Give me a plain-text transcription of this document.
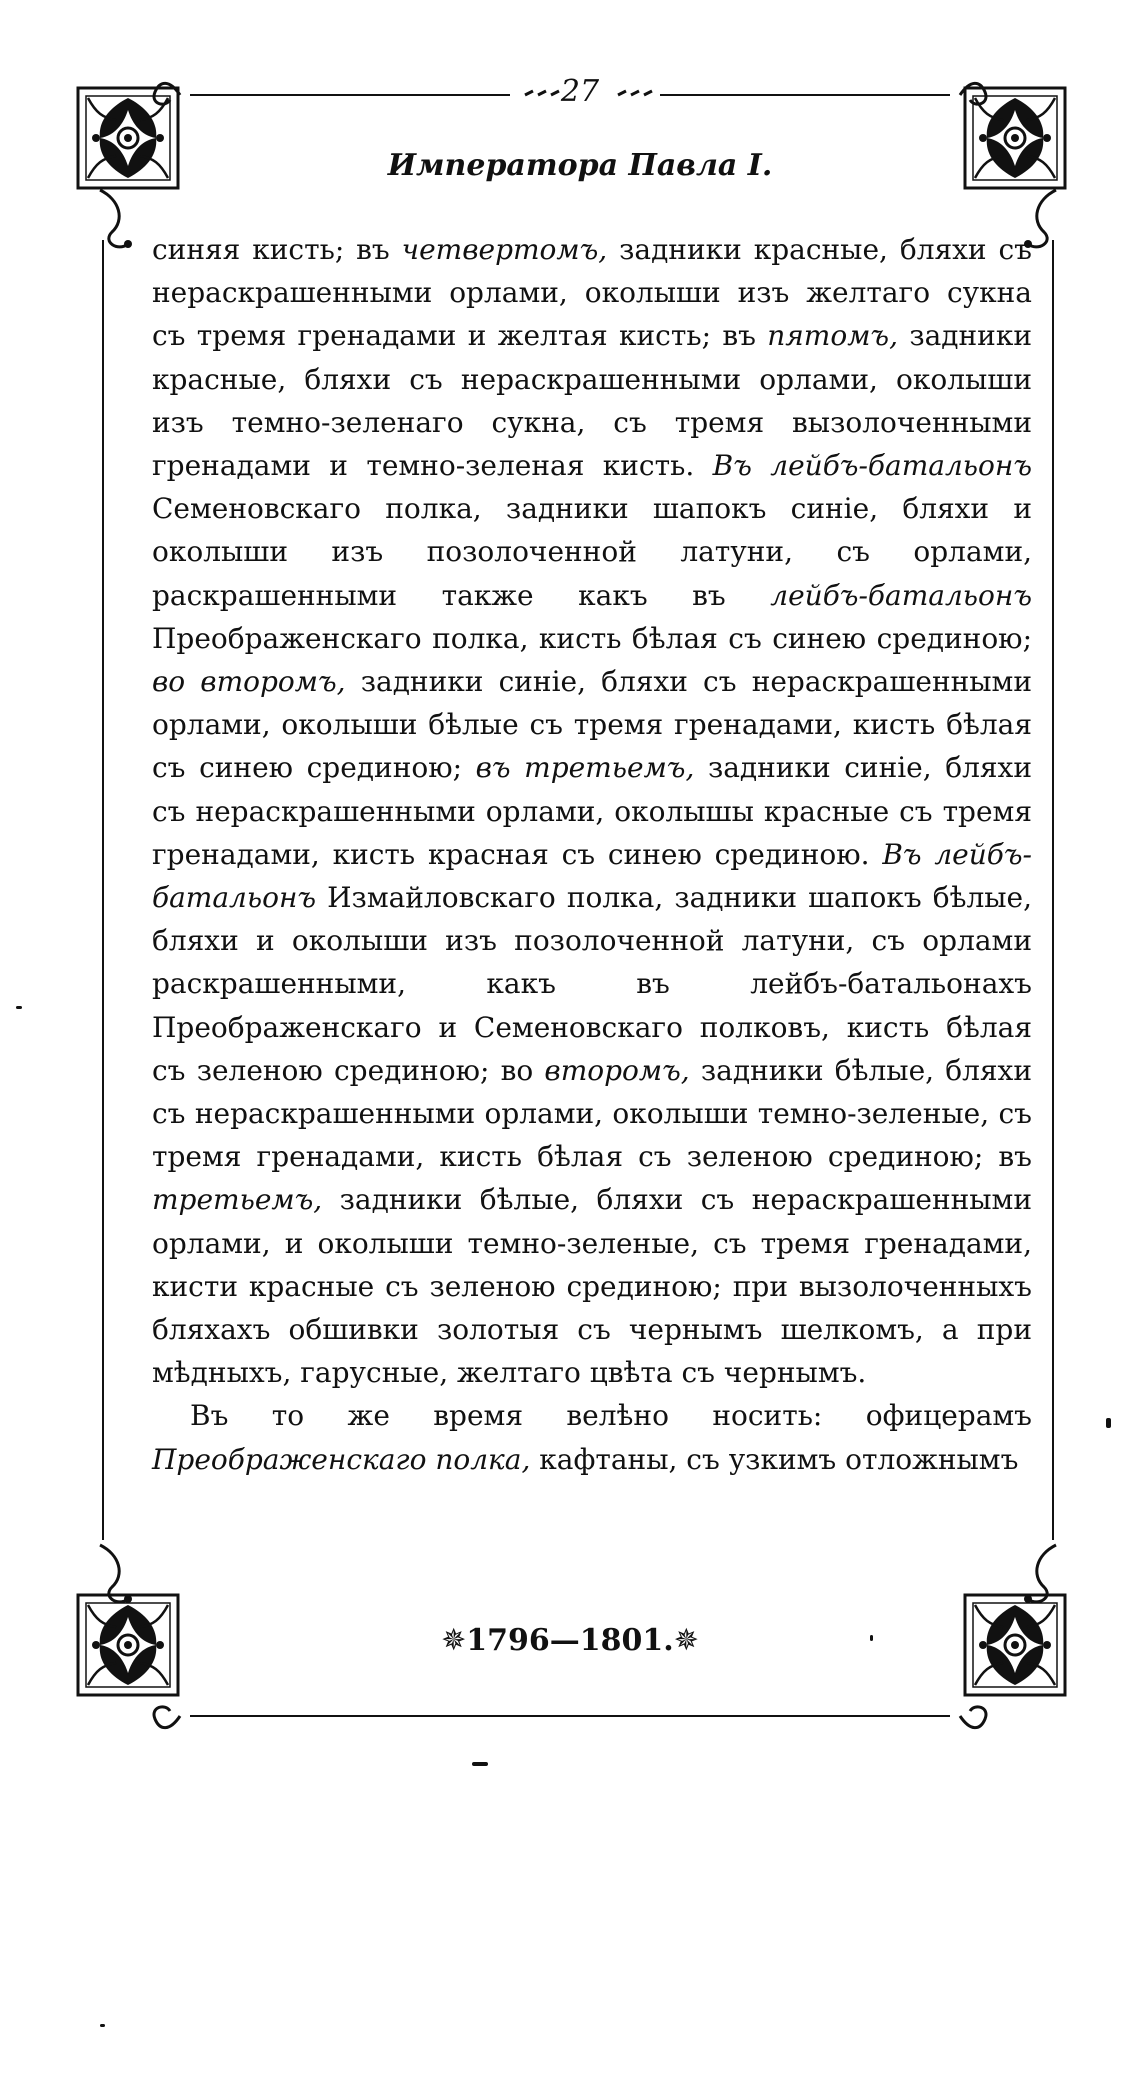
27
Императора Павла I.

синяя кисть; въ четвертомъ, задники красные, бляхи съ нераскрашенными орлами, околыши изъ желтаго сукна съ тремя гренадами и желтая кисть; въ пятомъ, задники красные, бляхи съ нераскрашенными орлами, околыши изъ темно-зеленаго сукна, съ тремя вызолоченными гренадами и темно-зеленая кисть. Въ лейбъ-батальонъ Семеновскаго полка, задники шапокъ синіе, бляхи и околыши изъ позолоченной латуни, съ орлами, раскрашенными также какъ въ лейбъ-батальонъ Преображенскаго полка, кисть бѣлая съ синею срединою; во второмъ, задники синіе, бляхи съ нераскрашенными орлами, околыши бѣлые съ тремя гренадами, кисть бѣлая съ синею срединою; въ третьемъ, задники синіе, бляхи съ нераскрашенными орлами, околышы красные съ тремя гренадами, кисть красная съ синею срединою. Въ лейбъ-батальонъ Измайловскаго полка, задники шапокъ бѣлые, бляхи и околыши изъ позолоченной латуни, съ орлами раскрашенными, какъ въ лейбъ-батальонахъ Преображенскаго и Семеновскаго полковъ, кисть бѣлая съ зеленою срединою; во второмъ, задники бѣлые, бляхи съ нераскрашенными орлами, околыши темно-зеленые, съ тремя гренадами, кисть бѣлая съ зеленою срединою; въ третьемъ, задники бѣлые, бляхи съ нераскрашенными орлами, и околыши темно-зеленые, съ тремя гренадами, кисти красные съ зеленою срединою; при вызолоченныхъ бляхахъ обшивки золотыя съ чернымъ шелкомъ, а при мѣдныхъ, гарусные, желтаго цвѣта съ чернымъ.

Въ то же время велѣно носить: офицерамъ Преображенскаго полка, кафтаны, съ узкимъ отложнымъ

✵1796—1801.✵
